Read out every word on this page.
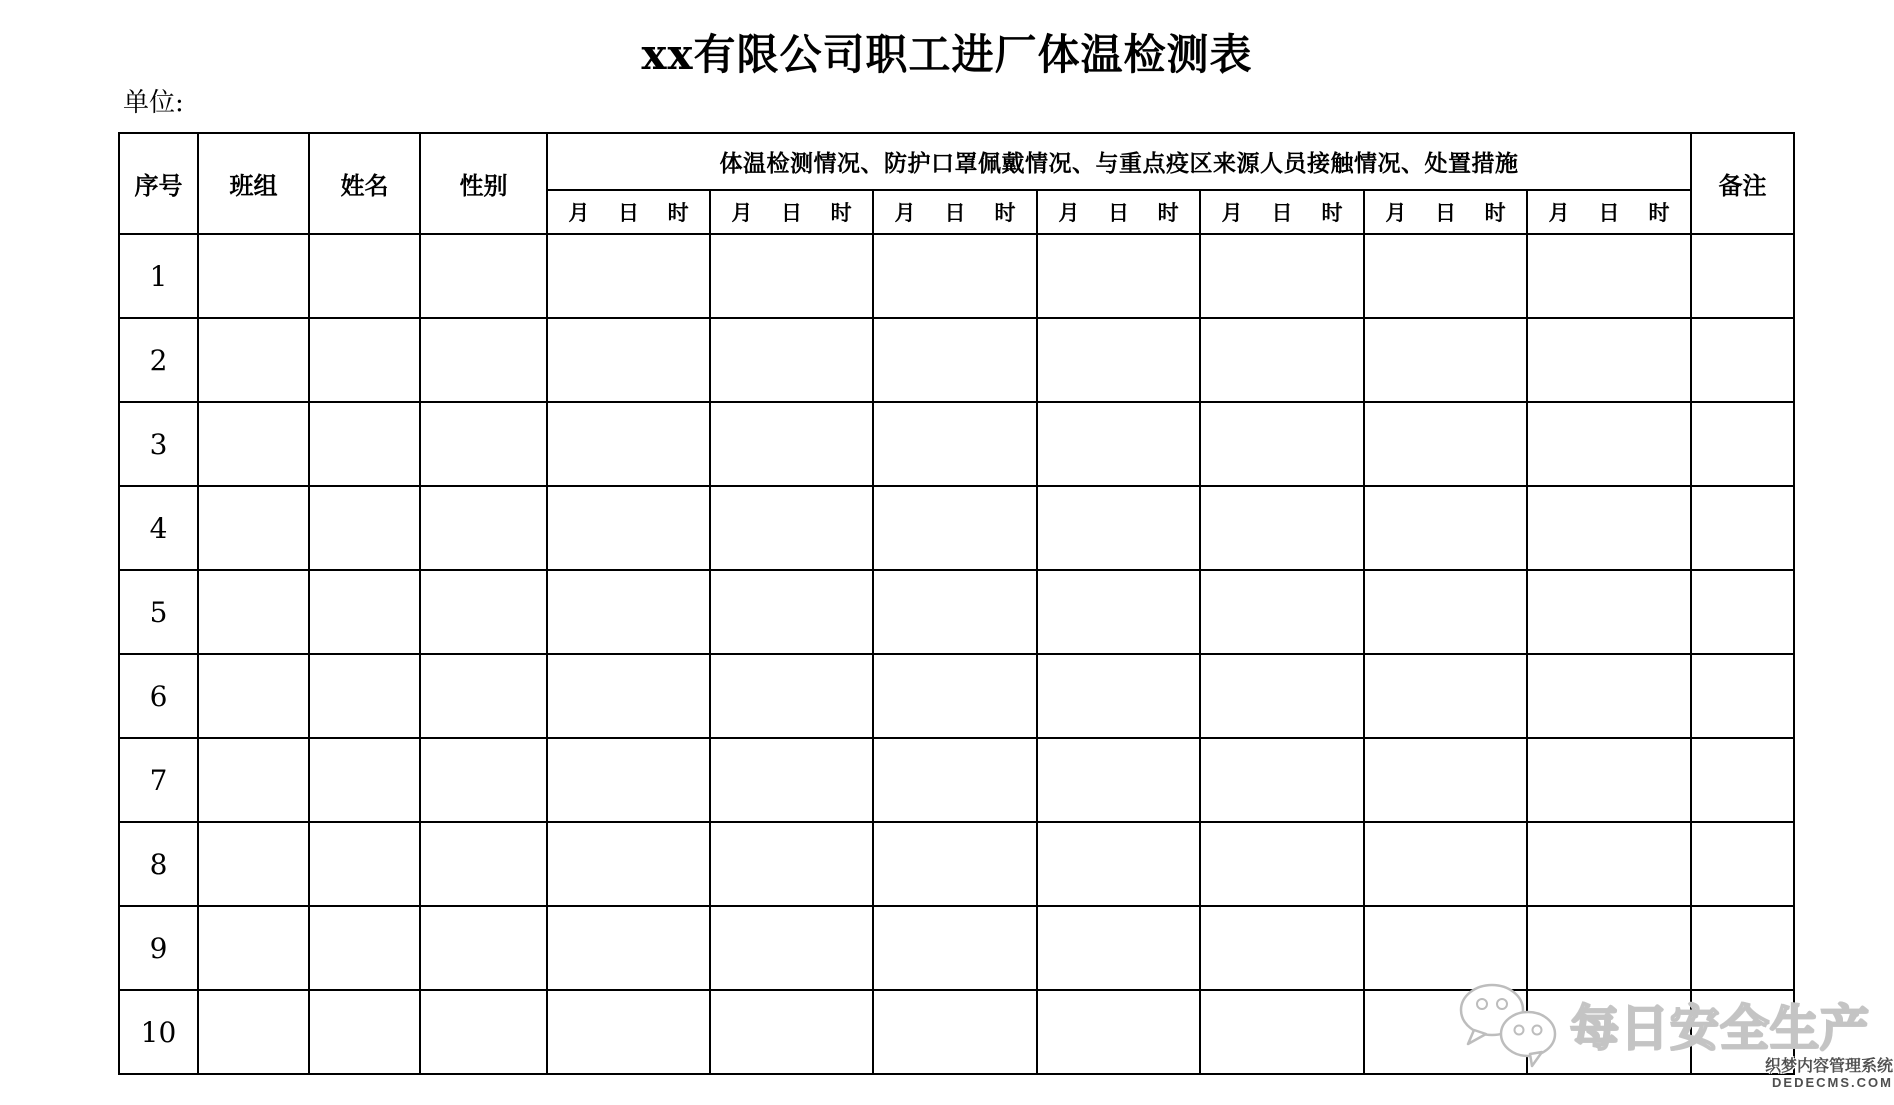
xx有限公司职工进厂体温检测表
单位:
序号	班组	姓名	性别	体温检测情况、防护口罩佩戴情况、与重点疫区来源人员接触情况、处置措施							备注

				月 日 时	月 日 时	月 日 时	月 日 时	月 日 时	月 日 时	月 日 时	

1											
2											
3											
4											
5											
6											
7											
8											
9											
10												每日安全生产
织梦内容管理系统
DEDECMS.COM
